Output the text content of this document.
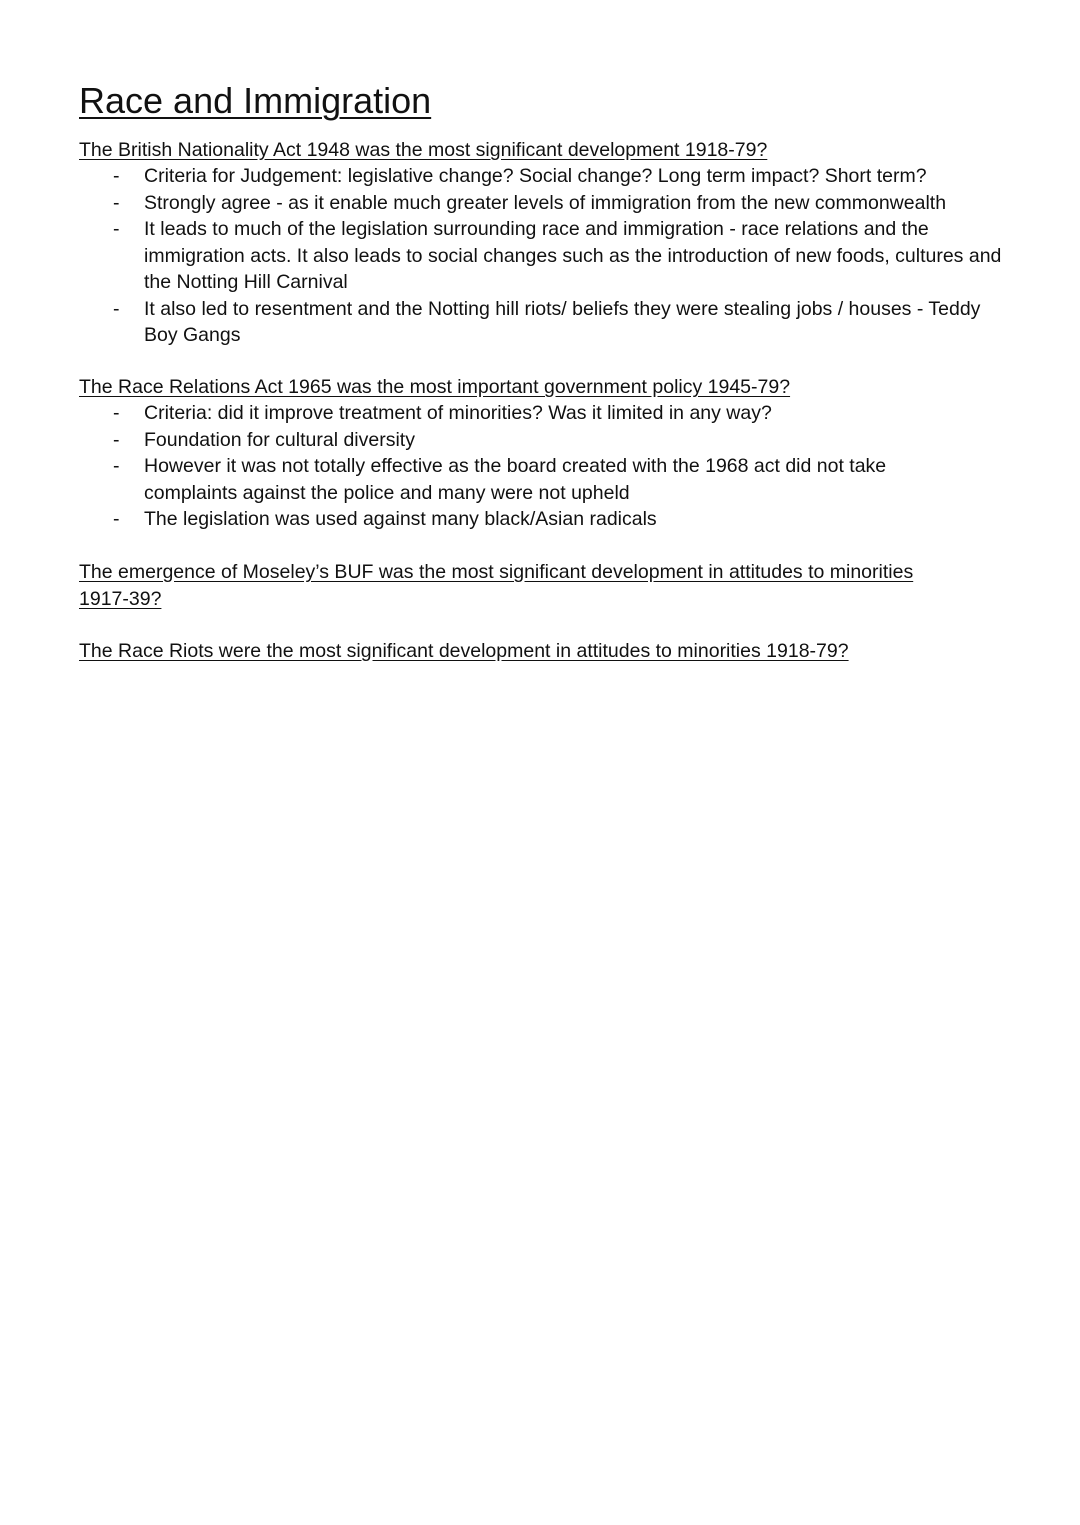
Race and Immigration

The British Nationality Act 1948 was the most significant development 1918-79?

- Criteria for Judgement: legislative change? Social change? Long term impact? Short term?
- Strongly agree - as it enable much greater levels of immigration from the new commonwealth
- It leads to much of the legislation surrounding race and immigration - race relations and the immigration acts. It also leads to social changes such as the introduction of new foods, cultures and the Notting Hill Carnival
- It also led to resentment and the Notting hill riots/ beliefs they were stealing jobs / houses - Teddy Boy Gangs

The Race Relations Act 1965 was the most important government policy 1945-79?

- Criteria: did it improve treatment of minorities? Was it limited in any way?
- Foundation for cultural diversity
- However it was not totally effective as the board created with the 1968 act did not take complaints against the police and many were not upheld
- The legislation was used against many black/Asian radicals

The emergence of Moseley’s BUF was the most significant development in attitudes to minorities 1917-39?

The Race Riots were the most significant development in attitudes to minorities 1918-79?
